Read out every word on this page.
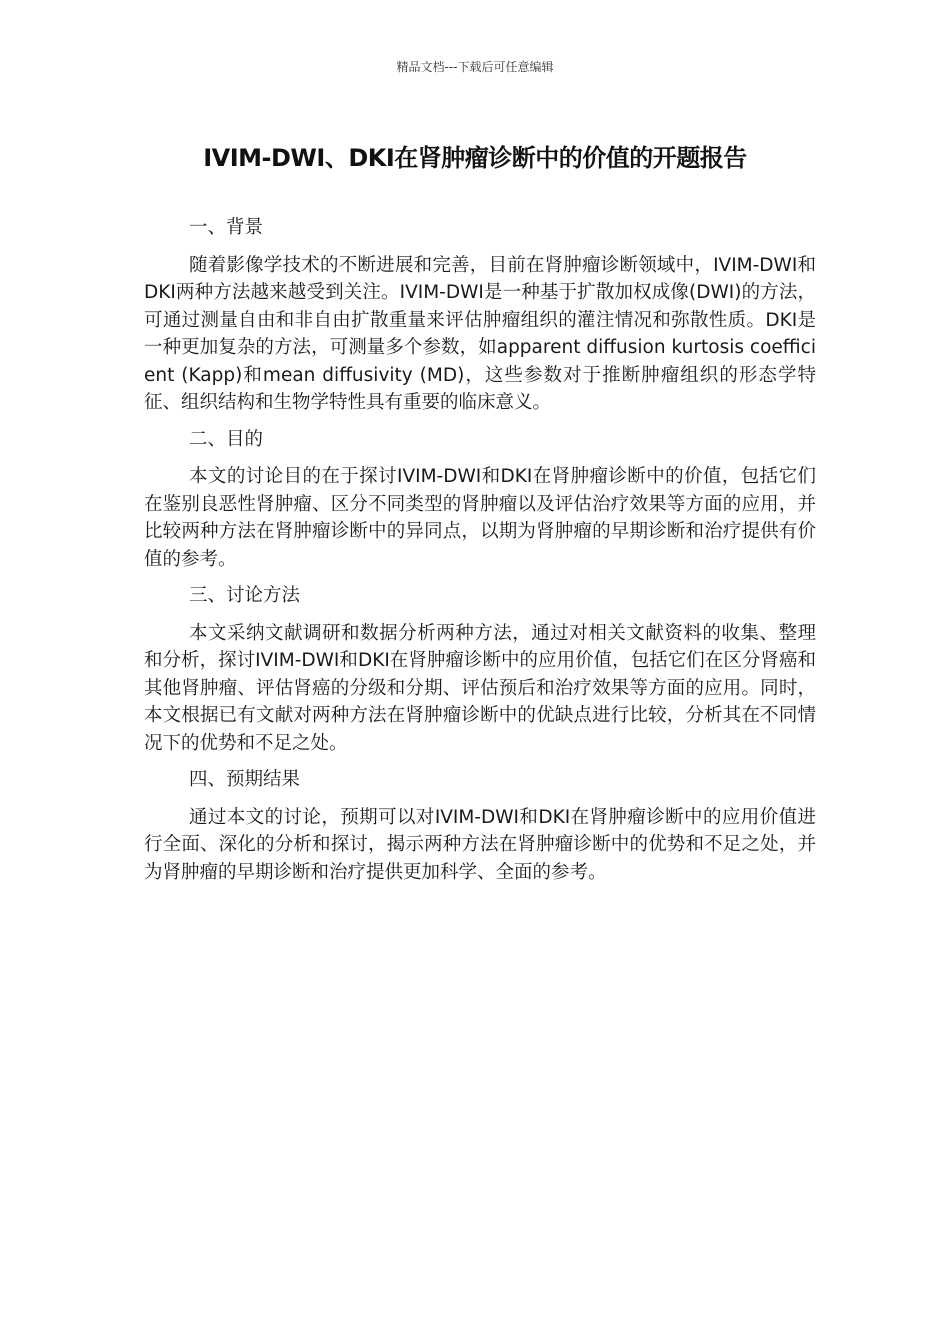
精品文档---下载后可任意编辑
IVIM-DWI、DKI在肾肿瘤诊断中的价值的开题报告

一、背景

随着影像学技术的不断进展和完善，目前在肾肿瘤诊断领域中，IVIM-DWI和DKI两种方法越来越受到关注。IVIM-DWI是一种基于扩散加权成像(DWI)的方法，可通过测量自由和非自由扩散重量来评估肿瘤组织的灌注情况和弥散性质。DKI是一种更加复杂的方法，可测量多个参数，如apparent diffusion kurtosis coefficient (Kapp)和mean diffusivity (MD)，这些参数对于推断肿瘤组织的形态学特征、组织结构和生物学特性具有重要的临床意义。

二、目的

本文的讨论目的在于探讨IVIM-DWI和DKI在肾肿瘤诊断中的价值，包括它们在鉴别良恶性肾肿瘤、区分不同类型的肾肿瘤以及评估治疗效果等方面的应用，并比较两种方法在肾肿瘤诊断中的异同点，以期为肾肿瘤的早期诊断和治疗提供有价值的参考。

三、讨论方法

本文采纳文献调研和数据分析两种方法，通过对相关文献资料的收集、整理和分析，探讨IVIM-DWI和DKI在肾肿瘤诊断中的应用价值，包括它们在区分肾癌和其他肾肿瘤、评估肾癌的分级和分期、评估预后和治疗效果等方面的应用。同时，本文根据已有文献对两种方法在肾肿瘤诊断中的优缺点进行比较，分析其在不同情况下的优势和不足之处。

四、预期结果

通过本文的讨论，预期可以对IVIM-DWI和DKI在肾肿瘤诊断中的应用价值进行全面、深化的分析和探讨，揭示两种方法在肾肿瘤诊断中的优势和不足之处，并为肾肿瘤的早期诊断和治疗提供更加科学、全面的参考。
